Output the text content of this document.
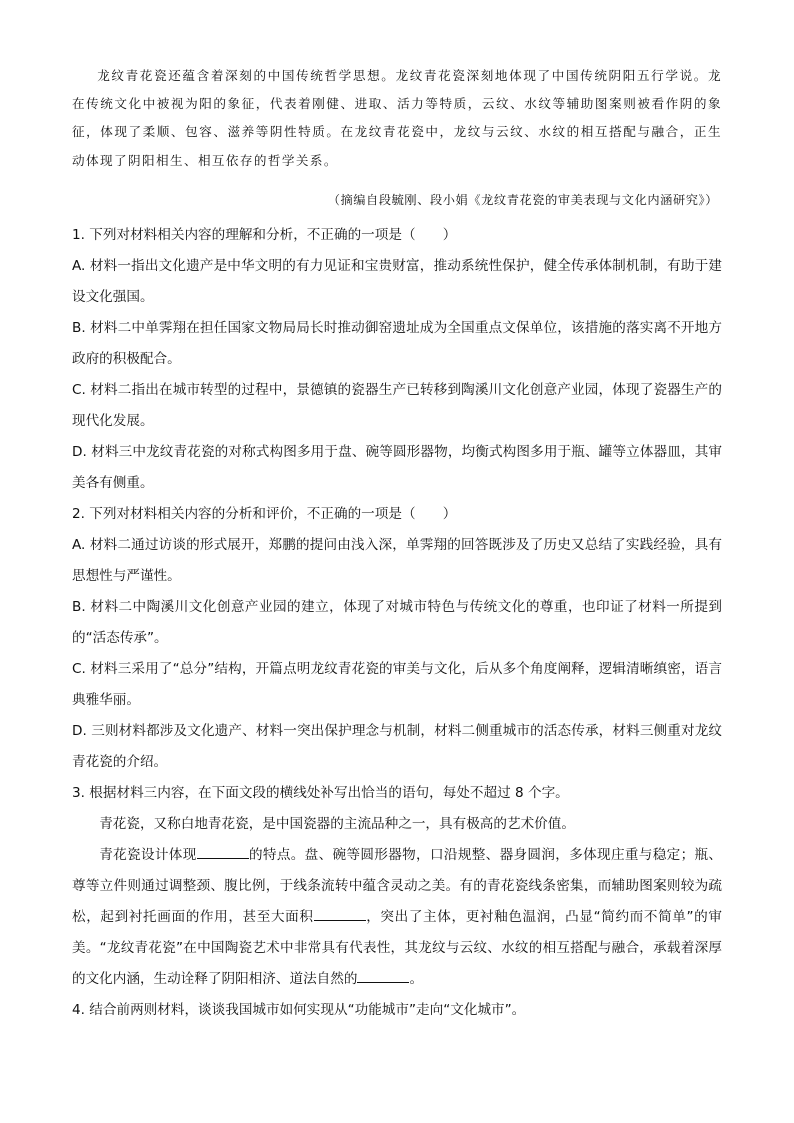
龙纹青花瓷还蕴含着深刻的中国传统哲学思想。龙纹青花瓷深刻地体现了中国传统阴阳五行学说。龙在传统文化中被视为阳的象征，代表着刚健、进取、活力等特质，云纹、水纹等辅助图案则被看作阴的象征，体现了柔顺、包容、滋养等阴性特质。在龙纹青花瓷中，龙纹与云纹、水纹的相互搭配与融合，正生动体现了阴阳相生、相互依存的哲学关系。

（摘编自段毓刚、段小娟《龙纹青花瓷的审美表现与文化内涵研究》）

1. 下列对材料相关内容的理解和分析，不正确的一项是（　　）

A. 材料一指出文化遗产是中华文明的有力见证和宝贵财富，推动系统性保护，健全传承体制机制，有助于建设文化强国。

B. 材料二中单霁翔在担任国家文物局局长时推动御窑遗址成为全国重点文保单位，该措施的落实离不开地方政府的积极配合。

C. 材料二指出在城市转型的过程中，景德镇的瓷器生产已转移到陶溪川文化创意产业园，体现了瓷器生产的现代化发展。

D. 材料三中龙纹青花瓷的对称式构图多用于盘、碗等圆形器物，均衡式构图多用于瓶、罐等立体器皿，其审美各有侧重。

2. 下列对材料相关内容的分析和评价，不正确的一项是（　　）

A. 材料二通过访谈的形式展开，郑鹏的提问由浅入深，单霁翔的回答既涉及了历史又总结了实践经验，具有思想性与严谨性。

B. 材料二中陶溪川文化创意产业园的建立，体现了对城市特色与传统文化的尊重，也印证了材料一所提到的“活态传承”。

C. 材料三采用了“总分”结构，开篇点明龙纹青花瓷的审美与文化，后从多个角度阐释，逻辑清晰缜密，语言典雅华丽。

D. 三则材料都涉及文化遗产、材料一突出保护理念与机制，材料二侧重城市的活态传承，材料三侧重对龙纹青花瓷的介绍。

3. 根据材料三内容，在下面文段的横线处补写出恰当的语句，每处不超过 8 个字。

青花瓷，又称白地青花瓷，是中国瓷器的主流品种之一，具有极高的艺术价值。

青花瓷设计体现	的特点。盘、碗等圆形器物，口沿规整、器身圆润，多体现庄重与稳定；瓶、尊等立件则通过调整颈、腹比例，于线条流转中蕴含灵动之美。有的青花瓷线条密集，而辅助图案则较为疏松，起到衬托画面的作用，甚至大面积	，突出了主体，更衬釉色温润，凸显“简约而不简单”的审美。“龙纹青花瓷”在中国陶瓷艺术中非常具有代表性，其龙纹与云纹、水纹的相互搭配与融合，承载着深厚的文化内涵，生动诠释了阴阳相济、道法自然的	。

4. 结合前两则材料，谈谈我国城市如何实现从“功能城市”走向“文化城市”。
